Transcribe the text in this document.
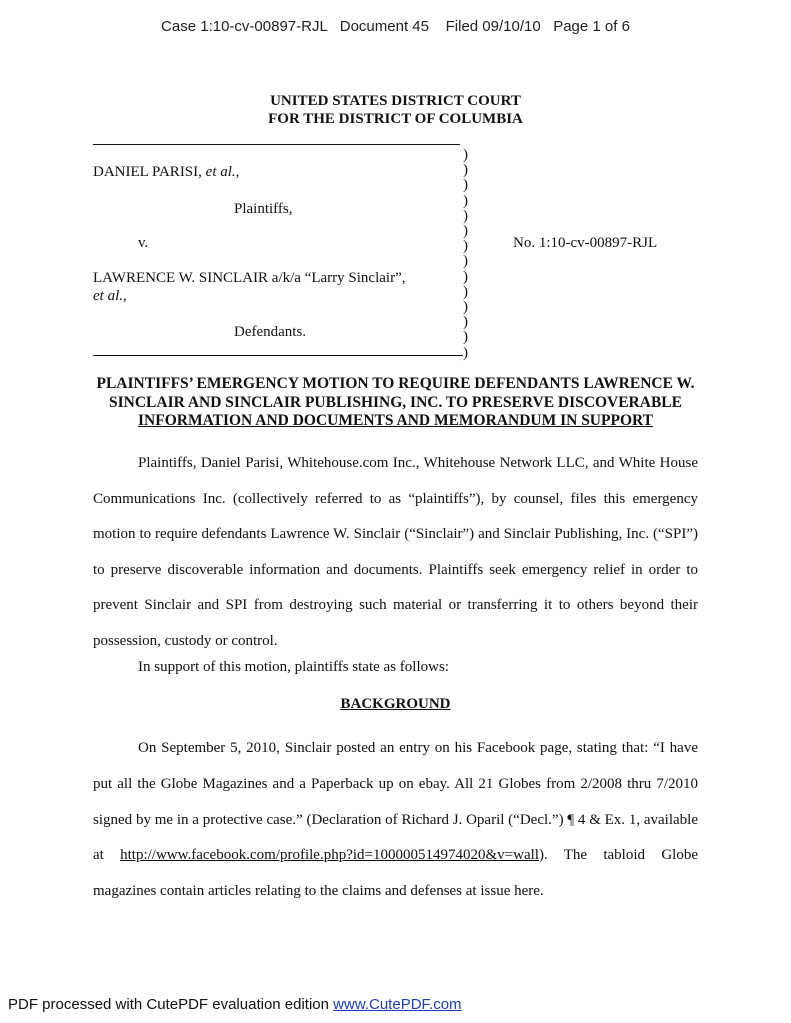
Case 1:10-cv-00897-RJL   Document 45    Filed 09/10/10   Page 1 of 6
UNITED STATES DISTRICT COURT
FOR THE DISTRICT OF COLUMBIA
DANIEL PARISI, et al.,
Plaintiffs,
v.
LAWRENCE W. SINCLAIR a/k/a “Larry Sinclair”,
et al.,
Defendants.
)
)
)
)
)
)
)
)
)
)
)
)
)
)
No. 1:10-cv-00897-RJL
PLAINTIFFS’ EMERGENCY MOTION TO REQUIRE DEFENDANTS LAWRENCE W.
SINCLAIR AND SINCLAIR PUBLISHING, INC. TO PRESERVE DISCOVERABLE
INFORMATION AND DOCUMENTS AND MEMORANDUM IN SUPPORT
Plaintiffs, Daniel Parisi, Whitehouse.com Inc., Whitehouse Network LLC, and White House Communications Inc. (collectively referred to as “plaintiffs”), by counsel, files this emergency motion to require defendants Lawrence W. Sinclair (“Sinclair”) and Sinclair Publishing, Inc. (“SPI”) to preserve discoverable information and documents. Plaintiffs seek emergency relief in order to prevent Sinclair and SPI from destroying such material or transferring it to others beyond their possession, custody or control.
In support of this motion, plaintiffs state as follows:
BACKGROUND
On September 5, 2010, Sinclair posted an entry on his Facebook page, stating that: “I have put all the Globe Magazines and a Paperback up on ebay. All 21 Globes from 2/2008 thru 7/2010 signed by me in a protective case.” (Declaration of Richard J. Oparil (“Decl.”) ¶ 4 & Ex. 1, available at http://www.facebook.com/profile.php?id=100000514974020&v=wall). The tabloid Globe magazines contain articles relating to the claims and defenses at issue here.
PDF processed with CutePDF evaluation edition www.CutePDF.com
